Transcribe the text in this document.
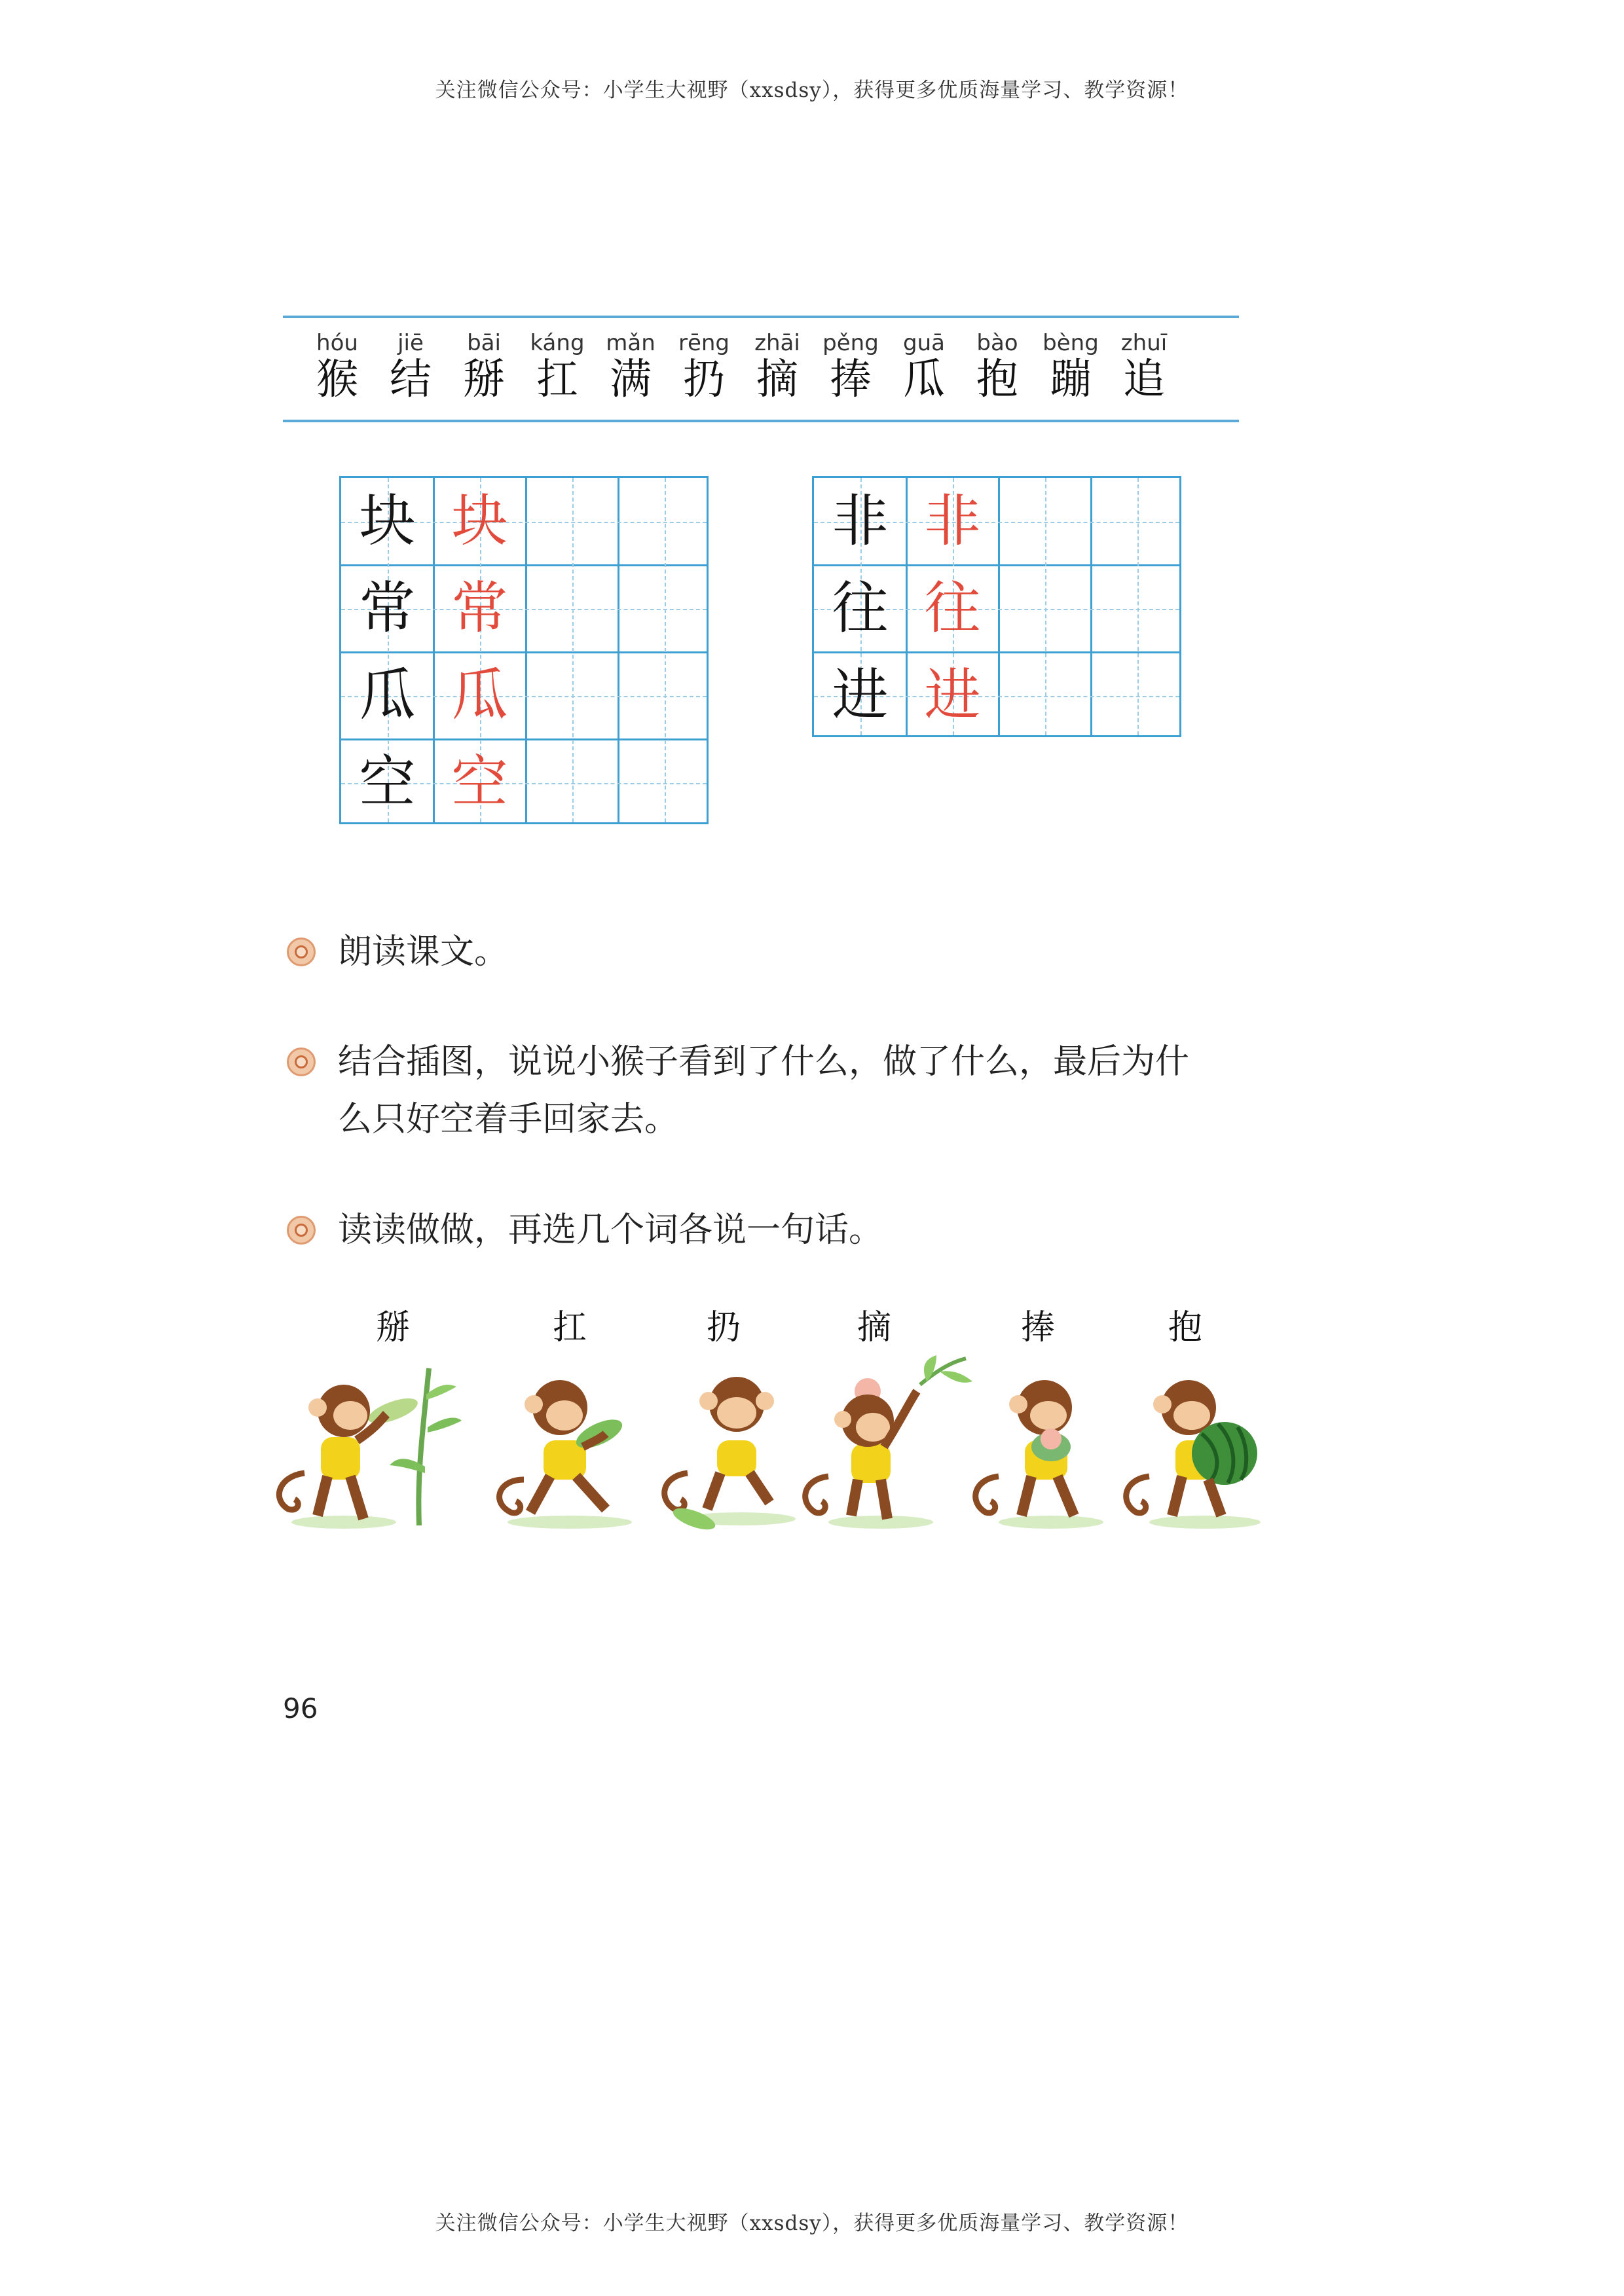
关注微信公众号：小学生大视野（xxsdsy），获得更多优质海量学习、教学资源！
hóu
猴
jiē
结
bāi
掰
káng
扛
mǎn
满
rēng
扔
zhāi
摘
pěng
捧
guā
瓜
bào
抱
bèng
蹦
zhuī
追
块 块
常 常
瓜 瓜
空 空
非 非
往 往
进 进
朗读课文。
结合插图，说说小猴子看到了什么，做了什么，最后为什么只好空着手回家去。
读读做做，再选几个词各说一句话。
掰	扛	扔	摘	捧	抱
96
关注微信公众号：小学生大视野（xxsdsy），获得更多优质海量学习、教学资源！
